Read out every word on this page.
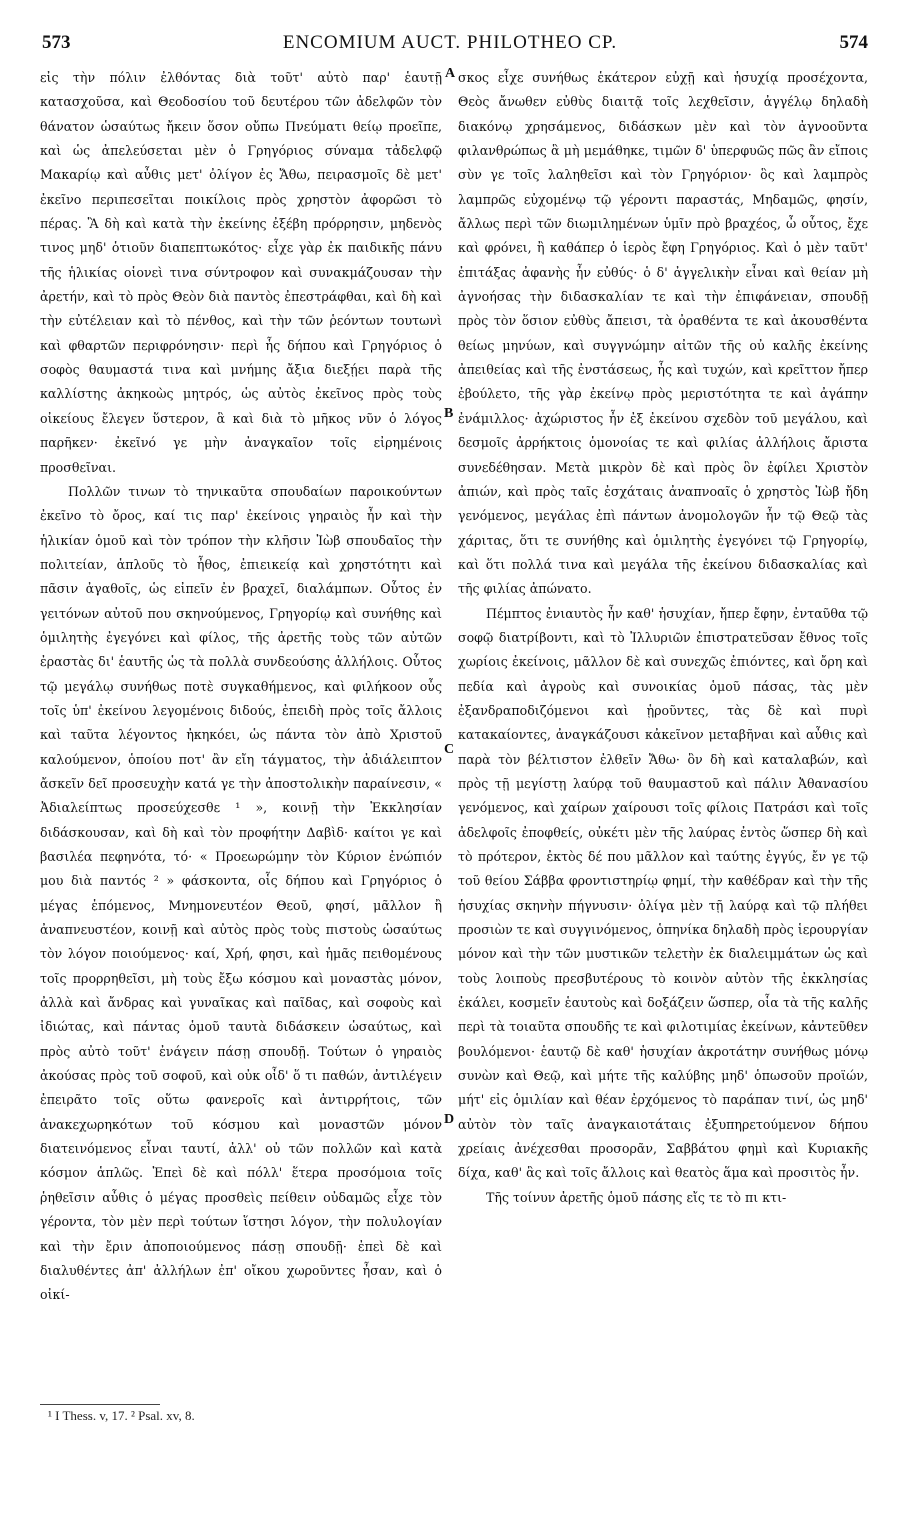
573	ENCOMIUM AUCT. PHILOTHEO CP.	574

εἰς τὴν πόλιν ἐλθόντας διὰ τοῦτ' αὐτὸ παρ' ἑαυτῇ κατασχοῦσα, καὶ Θεοδοσίου τοῦ δευτέρου τῶν ἀδελφῶν τὸν θάνατον ὡσαύτως ἤκειν ὅσον οὔπω Πνεύματι θείῳ προεῖπε, καὶ ὡς ἀπελεύσεται μὲν ὁ Γρηγόριος σύναμα τἀδελφῷ Μακαρίῳ καὶ αὖθις μετ' ὀλίγον ἐς Ἄθω, πειρασμοῖς δὲ μετ' ἐκεῖνο περιπεσεῖται ποικίλοις πρὸς χρηστὸν ἀφορῶσι τὸ πέρας. Ἃ δὴ καὶ κατὰ τὴν ἐκείνης ἐξέβη πρόρρησιν, μηδενὸς τινος μηδ' ὁτιοῦν διαπεπτωκότος· εἶχε γὰρ ἐκ παιδικῆς πάνυ τῆς ἡλικίας οἱονεὶ τινα σύντροφον καὶ συνακμάζουσαν τὴν ἀρετήν, καὶ τὸ πρὸς Θεὸν διὰ παντὸς ἐπεστράφθαι, καὶ δὴ καὶ τὴν εὐτέλειαν καὶ τὸ πένθος, καὶ τὴν τῶν ῥεόντων τουτωνὶ καὶ φθαρτῶν περιφρόνησιν· περὶ ἧς δήπου καὶ Γρηγόριος ὁ σοφὸς θαυμαστά τινα καὶ μνήμης ἄξια διεξῄει παρὰ τῆς καλλίστης ἀκηκοὼς μητρός, ὡς αὐτὸς ἐκεῖνος πρὸς τοὺς οἰκείους ἔλεγεν ὕστερον, ἃ καὶ διὰ τὸ μῆκος νῦν ὁ λόγος παρῆκεν· ἐκεῖνό γε μὴν ἀναγκαῖον τοῖς εἰρημένοις προσθεῖναι.

Πολλῶν τινων τὸ τηνικαῦτα σπουδαίων παροικούντων ἐκεῖνο τὸ ὄρος, καί τις παρ' ἐκείνοις γηραιὸς ἦν καὶ τὴν ἡλικίαν ὁμοῦ καὶ τὸν τρόπον τὴν κλῆσιν Ἰὼβ σπουδαῖος τὴν πολιτείαν, ἁπλοῦς τὸ ἦθος, ἐπιεικείᾳ καὶ χρηστότητι καὶ πᾶσιν ἀγαθοῖς, ὡς εἰπεῖν ἐν βραχεῖ, διαλάμπων. Οὗτος ἐν γειτόνων αὐτοῦ που σκηνούμενος, Γρηγορίῳ καὶ συνήθης καὶ ὁμιλητὴς ἐγεγόνει καὶ φίλος, τῆς ἀρετῆς τοὺς τῶν αὐτῶν ἐραστὰς δι' ἑαυτῆς ὡς τὰ πολλὰ συνδεούσης ἀλλήλοις. Οὗτος τῷ μεγάλῳ συνήθως ποτὲ συγκαθήμενος, καὶ φιλήκοον οὖς τοῖς ὑπ' ἐκείνου λεγομένοις διδούς, ἐπειδὴ πρὸς τοῖς ἄλλοις καὶ ταῦτα λέγοντος ἠκηκόει, ὡς πάντα τὸν ἀπὸ Χριστοῦ καλούμενον, ὁποίου ποτ' ἂν εἴη τάγματος, τὴν ἀδιάλειπτον ἄσκεῖν δεῖ προσευχὴν κατά γε τὴν ἀποστολικὴν παραίνεσιν, « Ἀδιαλείπτως προσεύχεσθε ¹ », κοινῇ τὴν Ἐκκλησίαν διδάσκουσαν, καὶ δὴ καὶ τὸν προφήτην Δαβὶδ· καίτοι γε καὶ βασιλέα πεφηνότα, τό· « Προεωρώμην τὸν Κύριον ἐνώπιόν μου διὰ παντός ² » φάσκοντα, οἷς δήπου καὶ Γρηγόριος ὁ μέγας ἑπόμενος, Μνημονευτέον Θεοῦ, φησί, μᾶλλον ἢ ἀναπνευστέον, κοινῇ καὶ αὐτὸς πρὸς τοὺς πιστοὺς ὡσαύτως τὸν λόγον ποιούμενος· καί, Χρή, φησι, καὶ ἡμᾶς πειθομένους τοῖς προρρηθεῖσι, μὴ τοὺς ἔξω κόσμου καὶ μοναστὰς μόνον, ἀλλὰ καὶ ἄνδρας καὶ γυναῖκας καὶ παῖδας, καὶ σοφοὺς καὶ ἰδιώτας, καὶ πάντας ὁμοῦ ταυτὰ διδάσκειν ὡσαύτως, καὶ πρὸς αὐτὸ τοῦτ' ἐνάγειν πάσῃ σπουδῇ. Τούτων ὁ γηραιὸς ἀκούσας πρὸς τοῦ σοφοῦ, καὶ οὐκ οἶδ' ὅ τι παθών, ἀντιλέγειν ἐπειρᾶτο τοῖς οὕτω φανεροῖς καὶ ἀντιρρήτοις, τῶν ἀνακεχωρηκότων τοῦ κόσμου καὶ μοναστῶν μόνον διατεινόμενος εἶναι ταυτί, ἀλλ' οὐ τῶν πολλῶν καὶ κατὰ κόσμον ἁπλῶς. Ἐπεὶ δὲ καὶ πόλλ' ἕτερα προσόμοια τοῖς ῥηθεῖσιν αὖθις ὁ μέγας προσθεὶς πείθειν οὐδαμῶς εἶχε τὸν γέροντα, τὸν μὲν περὶ τούτων ἵστησι λόγον, τὴν πολυλογίαν καὶ τὴν ἔριν ἀποποιούμενος πάσῃ σπουδῇ· ἐπεὶ δὲ καὶ διαλυθέντες ἀπ' ἀλλήλων ἐπ' οἴκου χωροῦντες ἦσαν, καὶ ὁ οἰκί-

A
B
C
D

σκος εἶχε συνήθως ἑκάτερον εὐχῇ καὶ ἡσυχίᾳ προσέχοντα, Θεὸς ἄνωθεν εὐθὺς διαιτᾷ τοῖς λεχθεῖσιν, ἀγγέλῳ δηλαδὴ διακόνῳ χρησάμενος, διδάσκων μὲν καὶ τὸν ἀγνοοῦντα φιλανθρώπως ἃ μὴ μεμάθηκε, τιμῶν δ' ὑπερφυῶς πῶς ἂν εἴποις σὺν γε τοῖς λαληθεῖσι καὶ τὸν Γρηγόριον· ὃς καὶ λαμπρὸς λαμπρῶς εὐχομένῳ τῷ γέροντι παραστάς, Μηδαμῶς, φησίν, ἄλλως περὶ τῶν διωμιλημένων ὑμῖν πρὸ βραχέος, ὦ οὗτος, ἔχε καὶ φρόνει, ἢ καθάπερ ὁ ἱερὸς ἔφη Γρηγόριος. Καὶ ὁ μὲν ταῦτ' ἐπιτάξας ἀφανὴς ἦν εὐθύς· ὁ δ' ἀγγελικὴν εἶναι καὶ θείαν μὴ ἀγνοήσας τὴν διδασκαλίαν τε καὶ τὴν ἐπιφάνειαν, σπουδῇ πρὸς τὸν ὅσιον εὐθὺς ἄπεισι, τὰ ὀραθέντα τε καὶ ἀκουσθέντα θείως μηνύων, καὶ συγγνώμην αἰτῶν τῆς οὐ καλῆς ἐκείνης ἀπειθείας καὶ τῆς ἐνστάσεως, ἧς καὶ τυχών, καὶ κρεῖττον ἤπερ ἐβούλετο, τῆς γὰρ ἐκείνῳ πρὸς μεριστότητα τε καὶ ἀγάπην ἐνάμιλλος· ἀχώριστος ἦν ἐξ ἐκείνου σχεδὸν τοῦ μεγάλου, καὶ δεσμοῖς ἀρρήκτοις ὁμονοίας τε καὶ φιλίας ἀλλήλοις ἄριστα συνεδέθησαν. Μετὰ μικρὸν δὲ καὶ πρὸς ὃν ἐφίλει Χριστὸν ἀπιών, καὶ πρὸς ταῖς ἐσχάταις ἀναπνοαῖς ὁ χρηστὸς Ἰὼβ ἤδη γενόμενος, μεγάλας ἐπὶ πάντων ἀνομολογῶν ἦν τῷ Θεῷ τὰς χάριτας, ὅτι τε συνήθης καὶ ὁμιλητὴς ἐγεγόνει τῷ Γρηγορίῳ, καὶ ὅτι πολλά τινα καὶ μεγάλα τῆς ἐκείνου διδασκαλίας καὶ τῆς φιλίας ἀπώνατο.

Πέμπτος ἐνιαυτὸς ἦν καθ' ἡσυχίαν, ἤπερ ἔφην, ἐνταῦθα τῷ σοφῷ διατρίβοντι, καὶ τὸ Ἰλλυριῶν ἐπιστρατεῦσαν ἔθνος τοῖς χωρίοις ἐκείνοις, μᾶλλον δὲ καὶ συνεχῶς ἐπιόντες, καὶ ὄρη καὶ πεδία καὶ ἀγροὺς καὶ συνοικίας ὁμοῦ πάσας, τὰς μὲν ἐξανδραποδιζόμενοι καὶ ᾑροῦντες, τὰς δὲ καὶ πυρὶ κατακαίοντες, ἀναγκάζουσι κἀκεῖνον μεταβῆναι καὶ αὖθις καὶ παρὰ τὸν βέλτιστον ἐλθεῖν Ἄθω· ὃν δὴ καὶ καταλαβών, καὶ πρὸς τῇ μεγίστῃ λαύρᾳ τοῦ θαυμαστοῦ καὶ πάλιν Ἀθανασίου γενόμενος, καὶ χαίρων χαίρουσι τοῖς φίλοις Πατράσι καὶ τοῖς ἀδελφοῖς ἐποφθείς, οὐκέτι μὲν τῆς λαύρας ἐντὸς ὥσπερ δὴ καὶ τὸ πρότερον, ἐκτὸς δέ που μᾶλλον καὶ ταύτης ἐγγύς, ἔν γε τῷ τοῦ θείου Σάββα φροντιστηρίῳ φημί, τὴν καθέδραν καὶ τὴν τῆς ἡσυχίας σκηνὴν πήγνυσιν· ὀλίγα μὲν τῇ λαύρᾳ καὶ τῷ πλήθει προσιὼν τε καὶ συγγινόμενος, ὁπηνίκα δηλαδὴ πρὸς ἱερουργίαν μόνον καὶ τὴν τῶν μυστικῶν τελετὴν ἐκ διαλειμμάτων ὡς καὶ τοὺς λοιποὺς πρεσβυτέρους τὸ κοινὸν αὐτὸν τῆς ἐκκλησίας ἐκάλει, κοσμεῖν ἑαυτοὺς καὶ δοξάζειν ὥσπερ, οἷα τὰ τῆς καλῆς περὶ τὰ τοιαῦτα σπουδῆς τε καὶ φιλοτιμίας ἐκείνων, κἀντεῦθεν βουλόμενοι· ἑαυτῷ δὲ καθ' ἡσυχίαν ἀκροτάτην συνήθως μόνῳ συνὼν καὶ Θεῷ, καὶ μήτε τῆς καλύβης μηδ' ὁπωσοῦν προϊών, μήτ' εἰς ὁμιλίαν καὶ θέαν ἐρχόμενος τὸ παράπαν τινί, ὡς μηδ' αὐτὸν τὸν ταῖς ἀναγκαιοτάταις ἐξυπηρετούμενον δήπου χρείαις ἀνέχεσθαι προσορᾶν, Σαββάτου φημὶ καὶ Κυριακῆς δίχα, καθ' ἃς καὶ τοῖς ἄλλοις καὶ θεατὸς ἅμα καὶ προσιτὸς ἦν.

Τῆς τοίνυν ἀρετῆς ὁμοῦ πάσης εἴς τε τὸ πι κτι-

¹ I Thess. v, 17. ² Psal. xv, 8.
